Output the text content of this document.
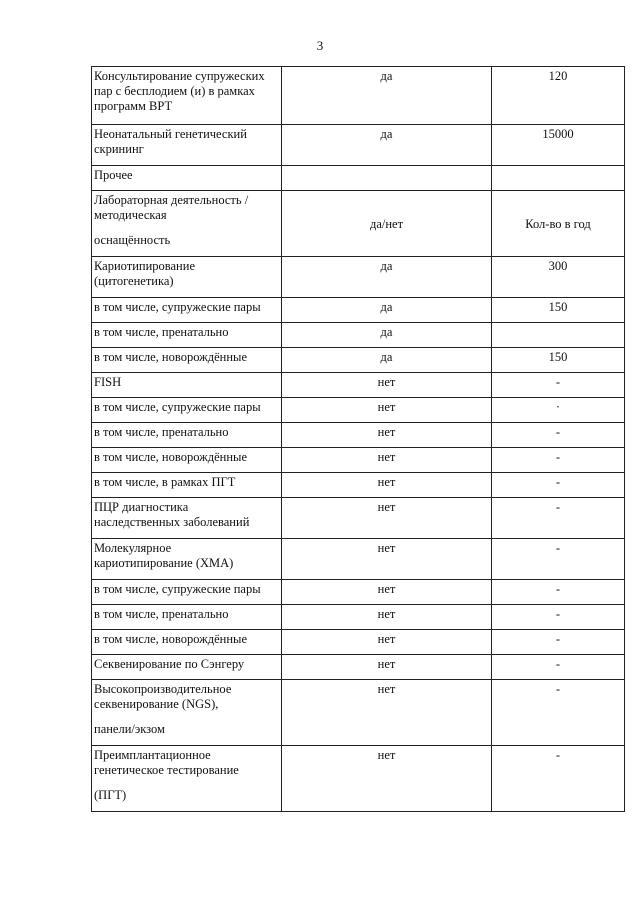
3
Консультирование супружеских
пар с бесплодием (и) в рамках
программ ВРТ	да	120

Неонатальный генетический
скрининг	да	15000

Прочее		

Лабораторная деятельность /
методическая
оснащённость	да/нет	Кол-во в год

Кариотипирование
(цитогенетика)	да	300

в том числе, супружеские пары	да	150

в том числе, пренатально	да	

в том числе, новорождённые	да	150

FISH	нет	-

в том числе, супружеские пары	нет	·

в том числе, пренатально	нет	-

в том числе, новорождённые	нет	-

в том числе, в рамках ПГТ	нет	-

ПЦР диагностика
наследственных заболеваний	нет	-

Молекулярное
кариотипирование (ХМА)	нет	-

в том числе, супружеские пары	нет	-

в том числе, пренатально	нет	-

в том числе, новорождённые	нет	-

Секвенирование по Сэнгеру	нет	-

Высокопроизводительное
секвенирование (NGS),
панели/экзом	нет	-

Преимплантационное
генетическое тестирование
(ПГТ)	нет	-
